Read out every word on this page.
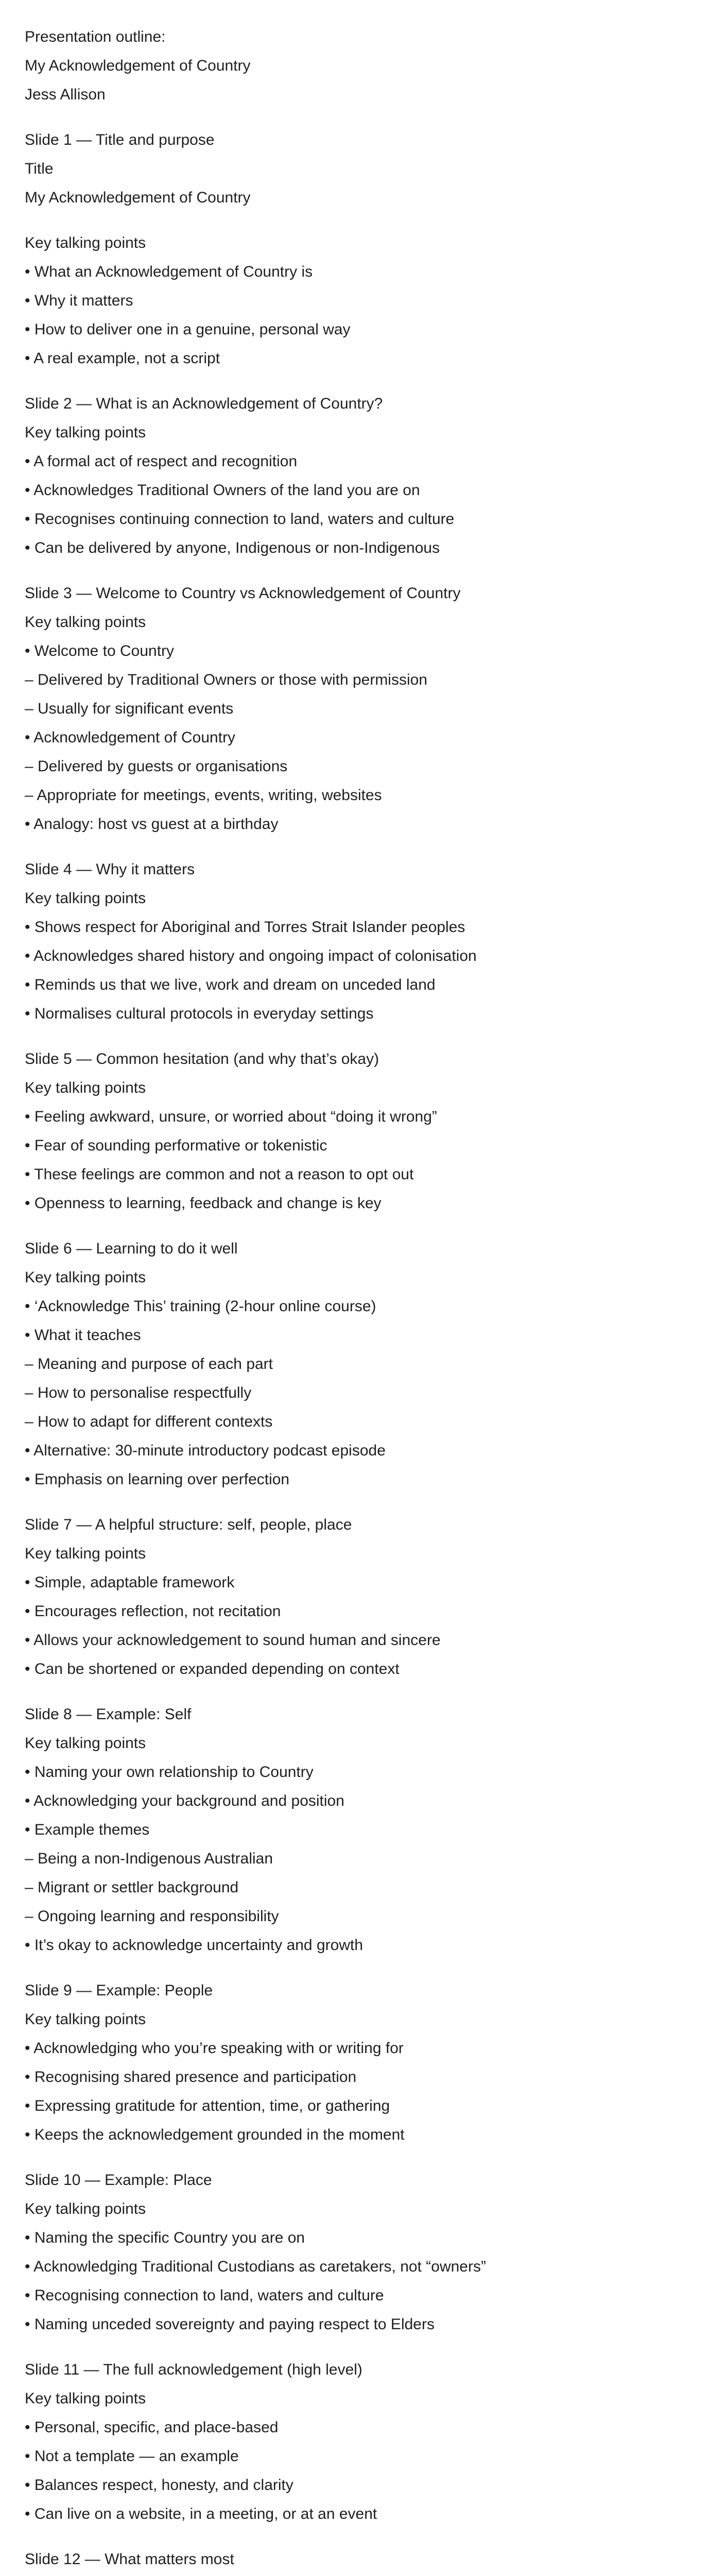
Presentation outline:
My Acknowledgement of Country
Jess Allison
Slide 1 — Title and purpose
Title
My Acknowledgement of Country
Key talking points
• What an Acknowledgement of Country is
• Why it matters
• How to deliver one in a genuine, personal way
• A real example, not a script
Slide 2 — What is an Acknowledgement of Country?
Key talking points
• A formal act of respect and recognition
• Acknowledges Traditional Owners of the land you are on
• Recognises continuing connection to land, waters and culture
• Can be delivered by anyone, Indigenous or non-Indigenous
Slide 3 — Welcome to Country vs Acknowledgement of Country
Key talking points
• Welcome to Country
– Delivered by Traditional Owners or those with permission
– Usually for significant events
• Acknowledgement of Country
– Delivered by guests or organisations
– Appropriate for meetings, events, writing, websites
• Analogy: host vs guest at a birthday
Slide 4 — Why it matters
Key talking points
• Shows respect for Aboriginal and Torres Strait Islander peoples
• Acknowledges shared history and ongoing impact of colonisation
• Reminds us that we live, work and dream on unceded land
• Normalises cultural protocols in everyday settings
Slide 5 — Common hesitation (and why that’s okay)
Key talking points
• Feeling awkward, unsure, or worried about “doing it wrong”
• Fear of sounding performative or tokenistic
• These feelings are common and not a reason to opt out
• Openness to learning, feedback and change is key
Slide 6 — Learning to do it well
Key talking points
• ‘Acknowledge This’ training (2-hour online course)
• What it teaches
– Meaning and purpose of each part
– How to personalise respectfully
– How to adapt for different contexts
• Alternative: 30-minute introductory podcast episode
• Emphasis on learning over perfection
Slide 7 — A helpful structure: self, people, place
Key talking points
• Simple, adaptable framework
• Encourages reflection, not recitation
• Allows your acknowledgement to sound human and sincere
• Can be shortened or expanded depending on context
Slide 8 — Example: Self
Key talking points
• Naming your own relationship to Country
• Acknowledging your background and position
• Example themes
– Being a non-Indigenous Australian
– Migrant or settler background
– Ongoing learning and responsibility
• It’s okay to acknowledge uncertainty and growth
Slide 9 — Example: People
Key talking points
• Acknowledging who you’re speaking with or writing for
• Recognising shared presence and participation
• Expressing gratitude for attention, time, or gathering
• Keeps the acknowledgement grounded in the moment
Slide 10 — Example: Place
Key talking points
• Naming the specific Country you are on
• Acknowledging Traditional Custodians as caretakers, not “owners”
• Recognising connection to land, waters and culture
• Naming unceded sovereignty and paying respect to Elders
Slide 11 — The full acknowledgement (high level)
Key talking points
• Personal, specific, and place-based
• Not a template — an example
• Balances respect, honesty, and clarity
• Can live on a website, in a meeting, or at an event
Slide 12 — What matters most
